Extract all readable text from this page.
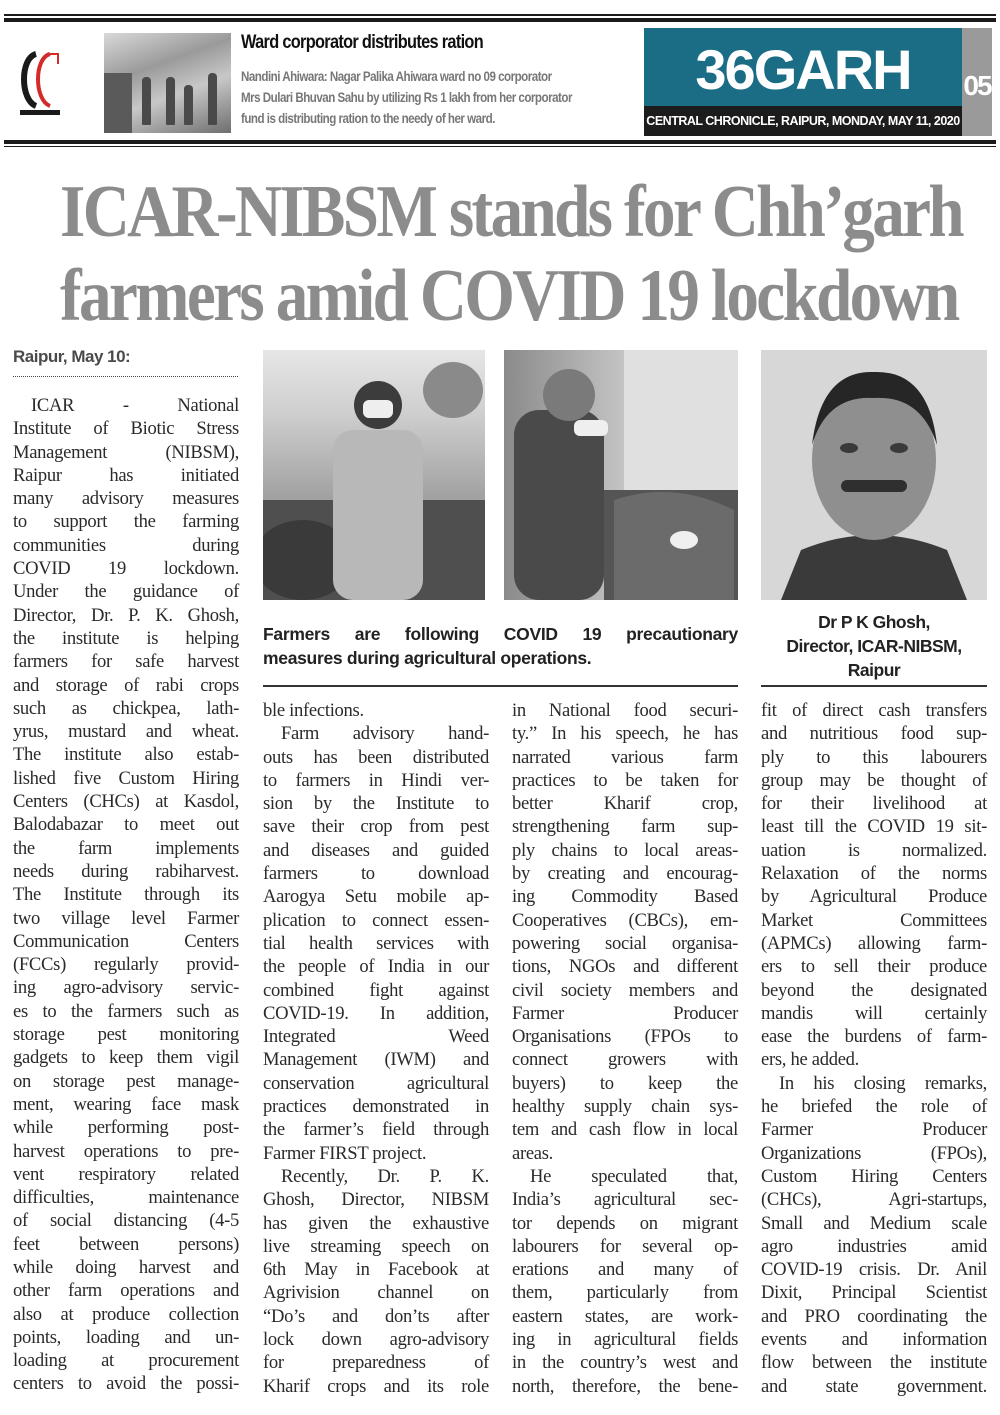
Ward corporator distributes ration
Nandini Ahiwara: Nagar Palika Ahiwara ward no 09 corporator
Mrs Dulari Bhuvan Sahu by utilizing Rs 1 lakh from her corporator
fund is distributing ration to the needy of her ward.
36GARH
CENTRAL CHRONICLE, RAIPUR, MONDAY, MAY 11, 2020
05
ICAR-NIBSM stands for Chh’garh
farmers amid COVID 19 lockdown
Raipur, May 10:
Farmers are following COVID 19 precautionary
measures during agricultural operations.
Dr P K Ghosh,
Director, ICAR-NIBSM,
Raipur
ICAR - National
Institute of Biotic Stress
Management (NIBSM),
Raipur has initiated
many advisory measures
to support the farming
communities during
COVID 19 lockdown.
Under the guidance of
Director, Dr. P. K. Ghosh,
the institute is helping
farmers for safe harvest
and storage of rabi crops
such as chickpea, lath-
yrus, mustard and wheat.
The institute also estab-
lished five Custom Hiring
Centers (CHCs) at Kasdol,
Balodabazar to meet out
the farm implements
needs during rabiharvest.
The Institute through its
two village level Farmer
Communication Centers
(FCCs) regularly provid-
ing agro-advisory servic-
es to the farmers such as
storage pest monitoring
gadgets to keep them vigil
on storage pest manage-
ment, wearing face mask
while performing post-
harvest operations to pre-
vent respiratory related
difficulties, maintenance
of social distancing (4-5
feet between persons)
while doing harvest and
other farm operations and
also at produce collection
points, loading and un-
loading at procurement
centers to avoid the possi-
ble infections.
Farm advisory hand-
outs has been distributed
to farmers in Hindi ver-
sion by the Institute to
save their crop from pest
and diseases and guided
farmers to download
Aarogya Setu mobile ap-
plication to connect essen-
tial health services with
the people of India in our
combined fight against
COVID-19. In addition,
Integrated Weed
Management (IWM) and
conservation agricultural
practices demonstrated in
the farmer’s field through
Farmer FIRST project.
Recently, Dr. P. K.
Ghosh, Director, NIBSM
has given the exhaustive
live streaming speech on
6th May in Facebook at
Agrivision channel on
“Do’s and don’ts after
lock down agro-advisory
for preparedness of
Kharif crops and its role
in National food securi-
ty.” In his speech, he has
narrated various farm
practices to be taken for
better Kharif crop,
strengthening farm sup-
ply chains to local areas-
by creating and encourag-
ing Commodity Based
Cooperatives (CBCs), em-
powering social organisa-
tions, NGOs and different
civil society members and
Farmer Producer
Organisations (FPOs to
connect growers with
buyers) to keep the
healthy supply chain sys-
tem and cash flow in local
areas.
He speculated that,
India’s agricultural sec-
tor depends on migrant
labourers for several op-
erations and many of
them, particularly from
eastern states, are work-
ing in agricultural fields
in the country’s west and
north, therefore, the bene-
fit of direct cash transfers
and nutritious food sup-
ply to this labourers
group may be thought of
for their livelihood at
least till the COVID 19 sit-
uation is normalized.
Relaxation of the norms
by Agricultural Produce
Market Committees
(APMCs) allowing farm-
ers to sell their produce
beyond the designated
mandis will certainly
ease the burdens of farm-
ers, he added.
In his closing remarks,
he briefed the role of
Farmer Producer
Organizations (FPOs),
Custom Hiring Centers
(CHCs), Agri-startups,
Small and Medium scale
agro industries amid
COVID-19 crisis. Dr. Anil
Dixit, Principal Scientist
and PRO coordinating the
events and information
flow between the institute
and state government.
